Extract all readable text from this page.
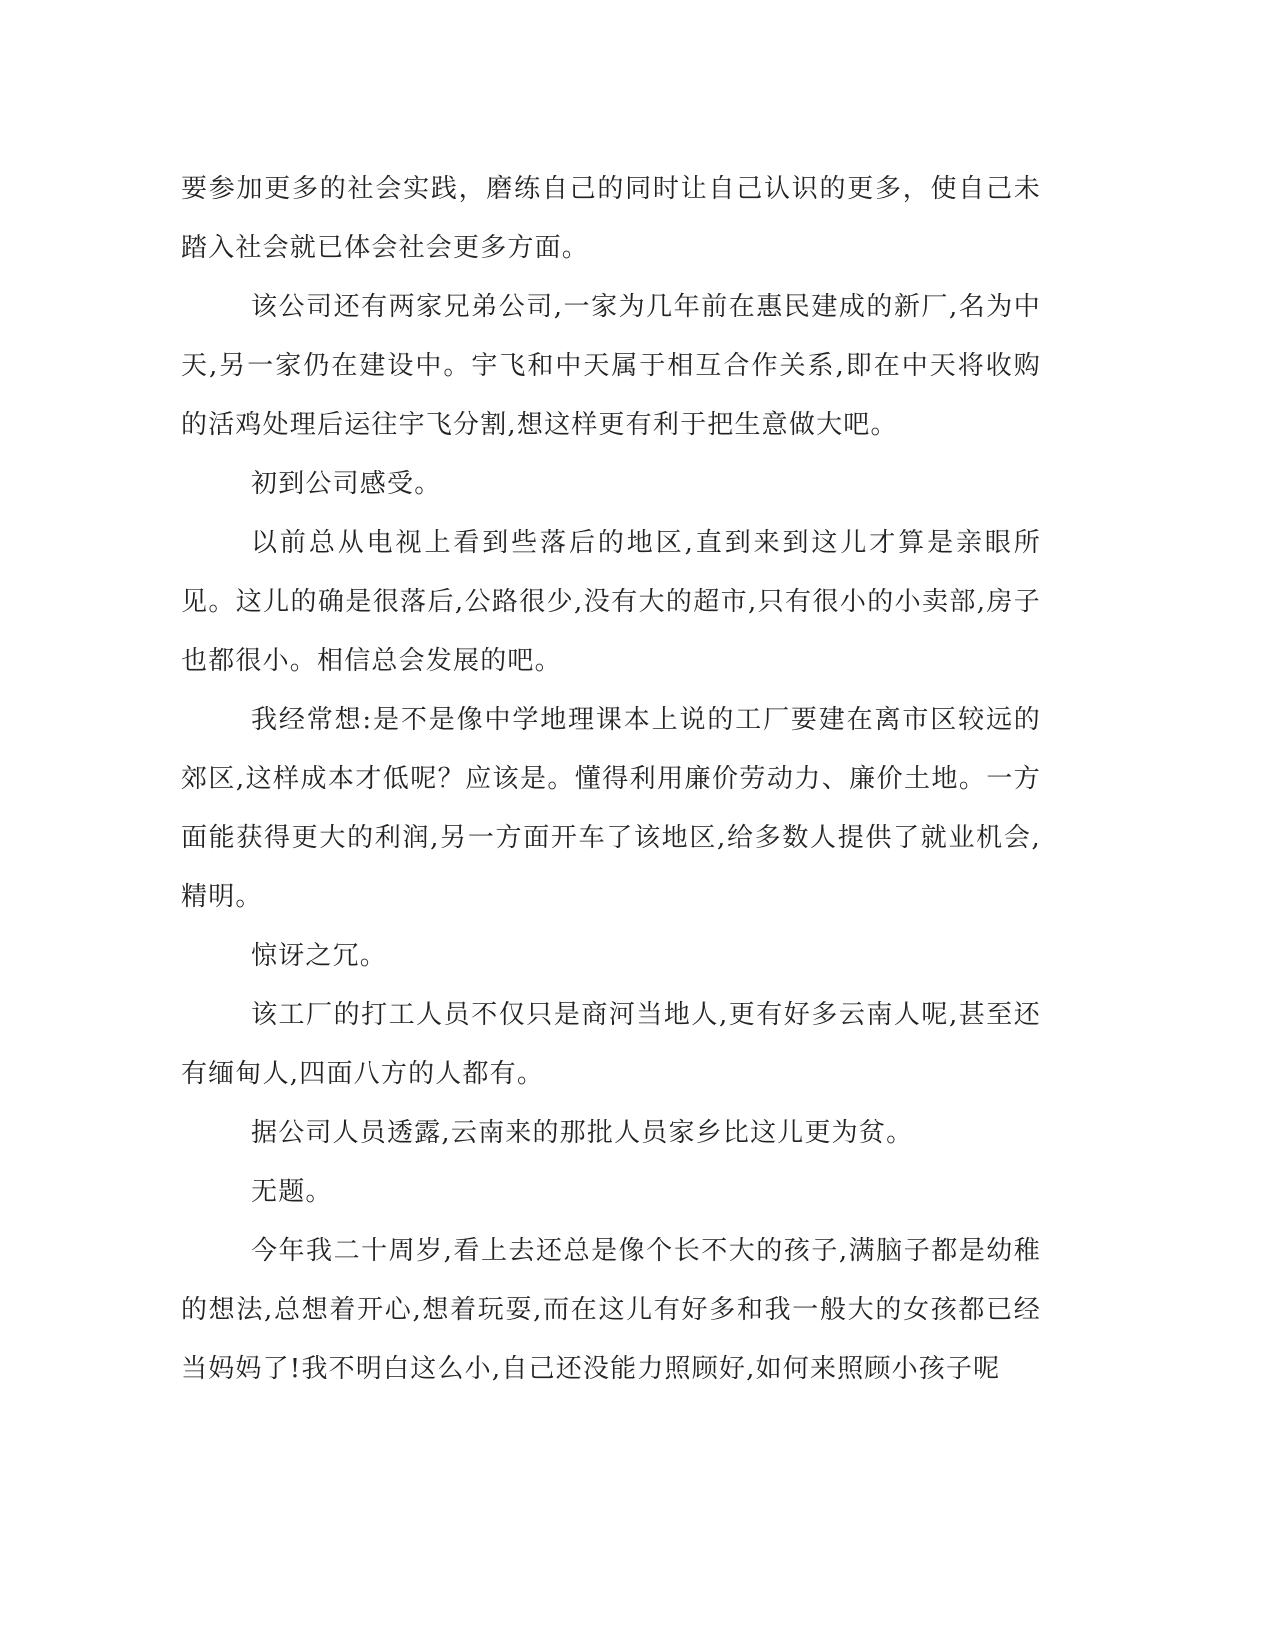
要参加更多的社会实践，磨练自己的同时让自己认识的更多，使自己未踏入社会就已体会社会更多方面。

该公司还有两家兄弟公司,一家为几年前在惠民建成的新厂,名为中天,另一家仍在建设中。宇飞和中天属于相互合作关系,即在中天将收购的活鸡处理后运往宇飞分割,想这样更有利于把生意做大吧。

初到公司感受。

以前总从电视上看到些落后的地区,直到来到这儿才算是亲眼所见。这儿的确是很落后,公路很少,没有大的超市,只有很小的小卖部,房子也都很小。相信总会发展的吧。

我经常想:是不是像中学地理课本上说的工厂要建在离市区较远的郊区,这样成本才低呢？应该是。懂得利用廉价劳动力、廉价土地。一方面能获得更大的利润,另一方面开车了该地区,给多数人提供了就业机会,精明。

惊讶之冗。

该工厂的打工人员不仅只是商河当地人,更有好多云南人呢,甚至还有缅甸人,四面八方的人都有。

据公司人员透露,云南来的那批人员家乡比这儿更为贫。

无题。

今年我二十周岁,看上去还总是像个长不大的孩子,满脑子都是幼稚的想法,总想着开心,想着玩耍,而在这儿有好多和我一般大的女孩都已经当妈妈了!我不明白这么小,自己还没能力照顾好,如何来照顾小孩子呢
